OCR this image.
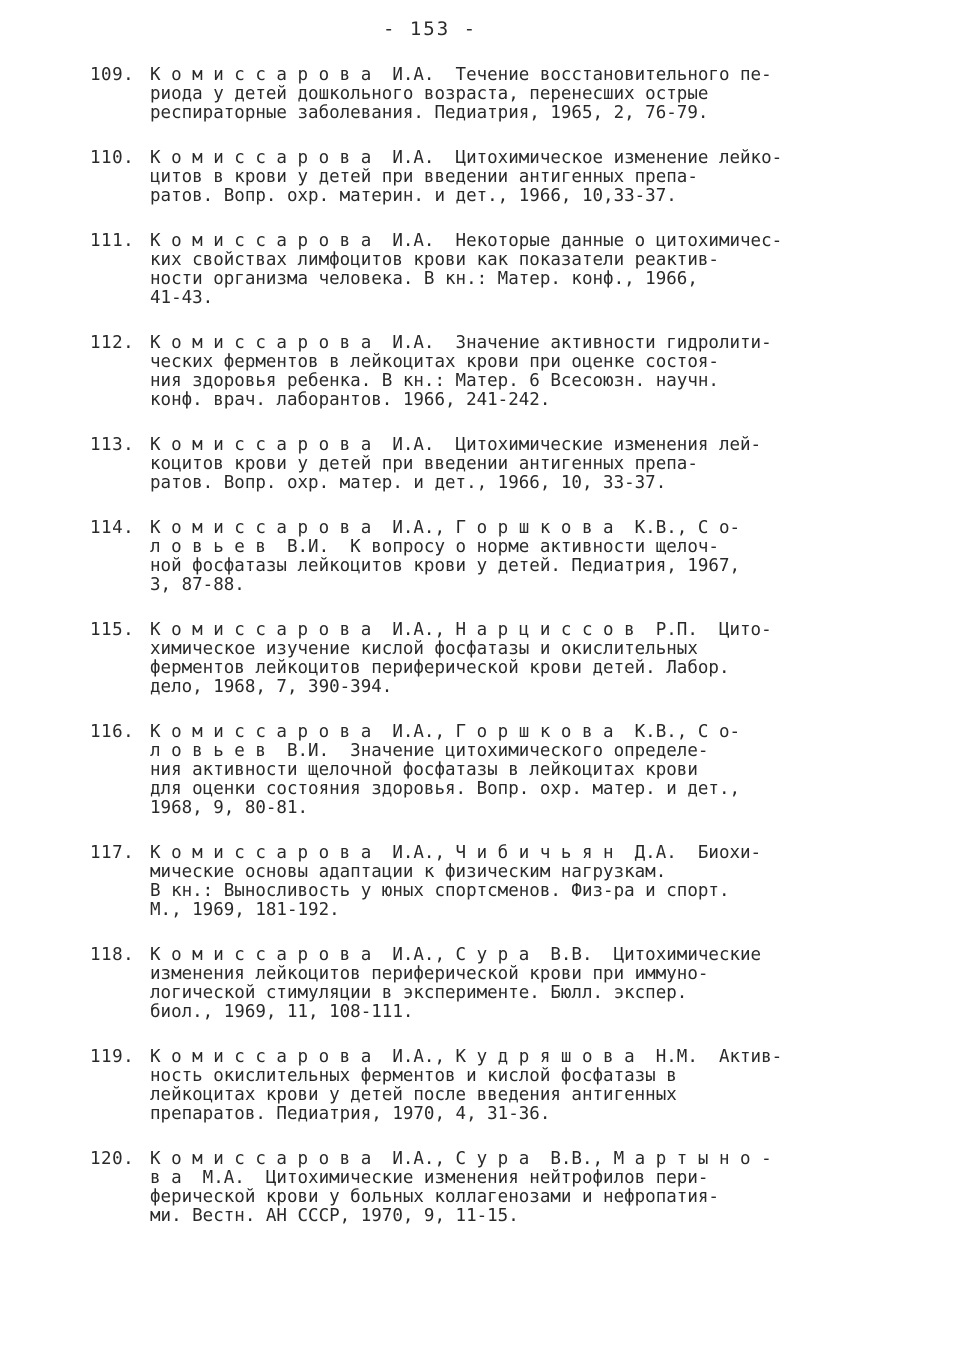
- 153 -
109. К о м и с с а р о в а  И.А.  Течение восстановительного пе-
риода у детей дошкольного возраста, перенесших острые
респираторные заболевания. Педиатрия, 1965, 2, 76-79.
110. К о м и с с а р о в а  И.А.  Цитохимическое изменение лейко-
цитов в крови у детей при введении антигенных препа-
ратов. Вопр. охр. материн. и дет., 1966, 10,33-37.
111. К о м и с с а р о в а  И.А.  Некоторые данные о цитохимичес-
ких свойствах лимфоцитов крови как показатели реактив-
ности организма человека. В кн.: Матер. конф., 1966,
41-43.
112. К о м и с с а р о в а  И.А.  Значение активности гидролити-
ческих ферментов в лейкоцитах крови при оценке состоя-
ния здоровья ребенка. В кн.: Матер. 6 Всесоюзн. научн.
конф. врач. лаборантов. 1966, 241-242.
113. К о м и с с а р о в а  И.А.  Цитохимические изменения лей-
коцитов крови у детей при введении антигенных препа-
ратов. Вопр. охр. матер. и дет., 1966, 10, 33-37.
114. К о м и с с а р о в а  И.А., Г о р ш к о в а  К.В., С о-
л о в ь е в  В.И.  К вопросу о норме активности щелоч-
ной фосфатазы лейкоцитов крови у детей. Педиатрия, 1967,
3, 87-88.
115. К о м и с с а р о в а  И.А., Н а р ц и с с о в  Р.П.  Цито-
химическое изучение кислой фосфатазы и окислительных
ферментов лейкоцитов периферической крови детей. Лабор.
дело, 1968, 7, 390-394.
116. К о м и с с а р о в а  И.А., Г о р ш к о в а  К.В., С о-
л о в ь е в  В.И.  Значение цитохимического определе-
ния активности щелочной фосфатазы в лейкоцитах крови
для оценки состояния здоровья. Вопр. охр. матер. и дет.,
1968, 9, 80-81.
117. К о м и с с а р о в а  И.А., Ч и б и ч ь я н  Д.А.  Биохи-
мические основы адаптации к физическим нагрузкам.
В кн.: Выносливость у юных спортсменов. Физ-ра и спорт.
М., 1969, 181-192.
118. К о м и с с а р о в а  И.А., С у р а  В.В.  Цитохимические
изменения лейкоцитов периферической крови при иммуно-
логической стимуляции в эксперименте. Бюлл. экспер.
биол., 1969, 11, 108-111.
119. К о м и с с а р о в а  И.А., К у д р я ш о в а  Н.М.  Актив-
ность окислительных ферментов и кислой фосфатазы в
лейкоцитах крови у детей после введения антигенных
препаратов. Педиатрия, 1970, 4, 31-36.
120. К о м и с с а р о в а  И.А., С у р а  В.В., М а р т ы н о -
в а  М.А.  Цитохимические изменения нейтрофилов пери-
ферической крови у больных коллагенозами и нефропатия-
ми. Вестн. АН СССР, 1970, 9, 11-15.
